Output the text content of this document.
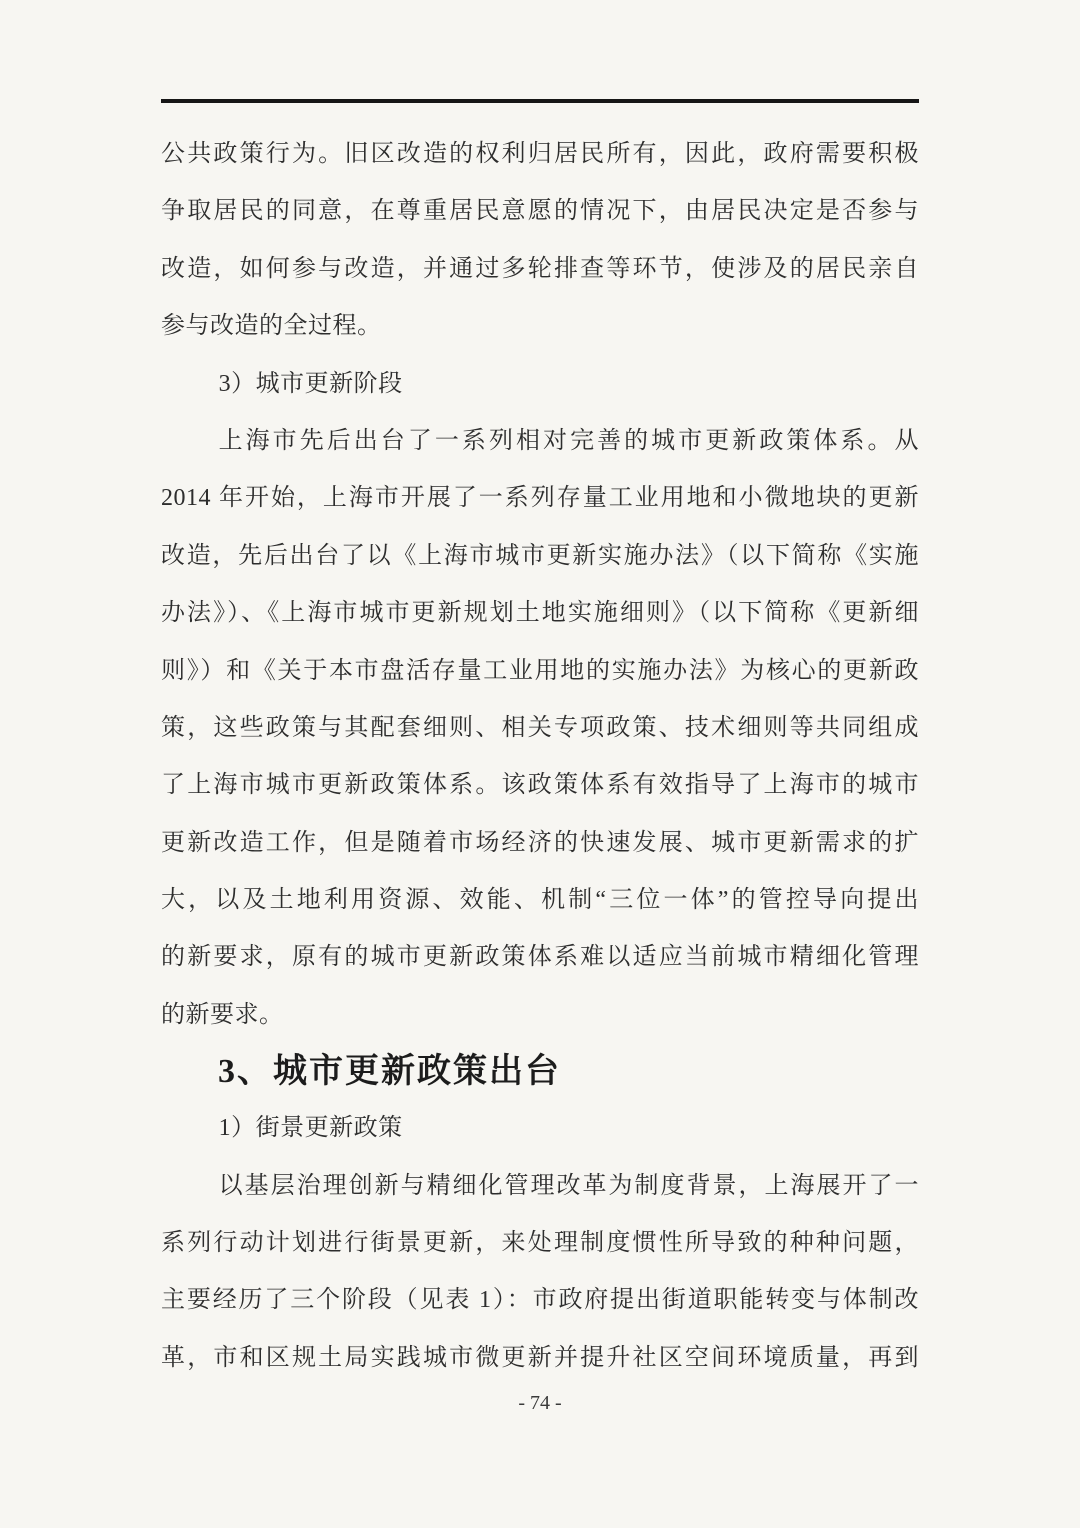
公共政策行为。旧区改造的权利归居民所有，因此，政府需要积极
争取居民的同意，在尊重居民意愿的情况下，由居民决定是否参与
改造，如何参与改造，并通过多轮排查等环节，使涉及的居民亲自
参与改造的全过程。
3）城市更新阶段
上海市先后出台了一系列相对完善的城市更新政策体系。从
2014 年开始，上海市开展了一系列存量工业用地和小微地块的更新
改造，先后出台了以《上海市城市更新实施办法》（以下简称《实施
办法》）、《上海市城市更新规划土地实施细则》（以下简称《更新细
则》）和《关于本市盘活存量工业用地的实施办法》为核心的更新政
策，这些政策与其配套细则、相关专项政策、技术细则等共同组成
了上海市城市更新政策体系。该政策体系有效指导了上海市的城市
更新改造工作，但是随着市场经济的快速发展、城市更新需求的扩
大，以及土地利用资源、效能、机制“三位一体”的管控导向提出
的新要求，原有的城市更新政策体系难以适应当前城市精细化管理
的新要求。
3、城市更新政策出台
1）街景更新政策
以基层治理创新与精细化管理改革为制度背景，上海展开了一
系列行动计划进行街景更新，来处理制度惯性所导致的种种问题，
主要经历了三个阶段（见表 1）：市政府提出街道职能转变与体制改
革，市和区规土局实践城市微更新并提升社区空间环境质量，再到
- 74 -
